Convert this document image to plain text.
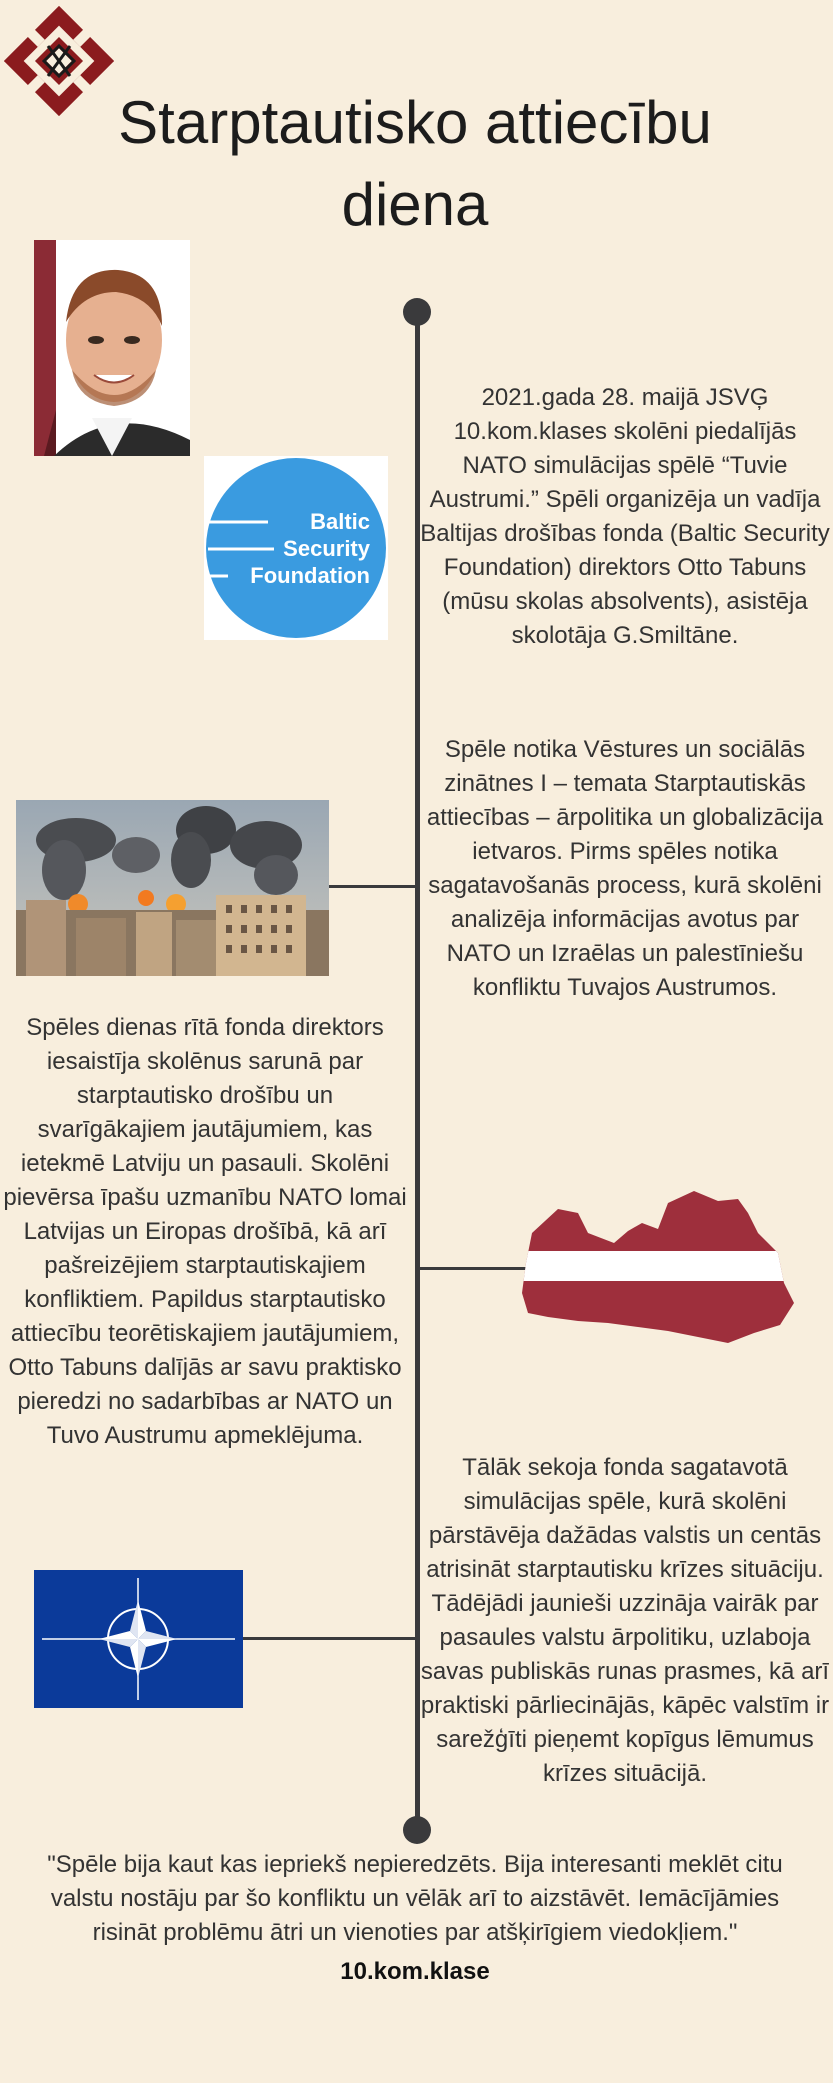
Starptautisko attiecību diena
Baltic
Security
Foundation
2021.gada 28. maijā JSVĢ 10.kom.klases skolēni piedalījās NATO simulācijas spēlē “Tuvie Austrumi.” Spēli organizēja un vadīja Baltijas drošības fonda (Baltic Security Foundation) direktors Otto Tabuns (mūsu skolas absolvents), asistēja skolotāja G.Smiltāne.
Spēle notika Vēstures un sociālās zinātnes I – temata Starptautiskās attiecības – ārpolitika un globalizācija ietvaros. Pirms spēles notika sagatavošanās process, kurā skolēni analizēja informācijas avotus par NATO un Izraēlas un palestīniešu konfliktu Tuvajos Austrumos.
Spēles dienas rītā fonda direktors iesaistīja skolēnus sarunā par starptautisko drošību un svarīgākajiem jautājumiem, kas ietekmē Latviju un pasauli. Skolēni pievērsa īpašu uzmanību NATO lomai Latvijas un Eiropas drošībā, kā arī pašreizējiem starptautiskajiem konfliktiem. Papildus starptautisko attiecību teorētiskajiem jautājumiem, Otto Tabuns dalījās ar savu praktisko pieredzi no sadarbības ar NATO un Tuvo Austrumu apmeklējuma.
Tālāk sekoja fonda sagatavotā simulācijas spēle, kurā skolēni pārstāvēja dažādas valstis un centās atrisināt starptautisku krīzes situāciju. Tādējādi jaunieši uzzināja vairāk par pasaules valstu ārpolitiku, uzlaboja savas publiskās runas prasmes, kā arī praktiski pārliecinājās, kāpēc valstīm ir sarežģīti pieņemt kopīgus lēmumus krīzes situācijā.
"Spēle bija kaut kas iepriekš nepieredzēts. Bija interesanti meklēt citu valstu nostāju par šo konfliktu un vēlāk arī to aizstāvēt. Iemācījāmies risināt problēmu ātri un vienoties par atšķirīgiem viedokļiem."
10.kom.klase
